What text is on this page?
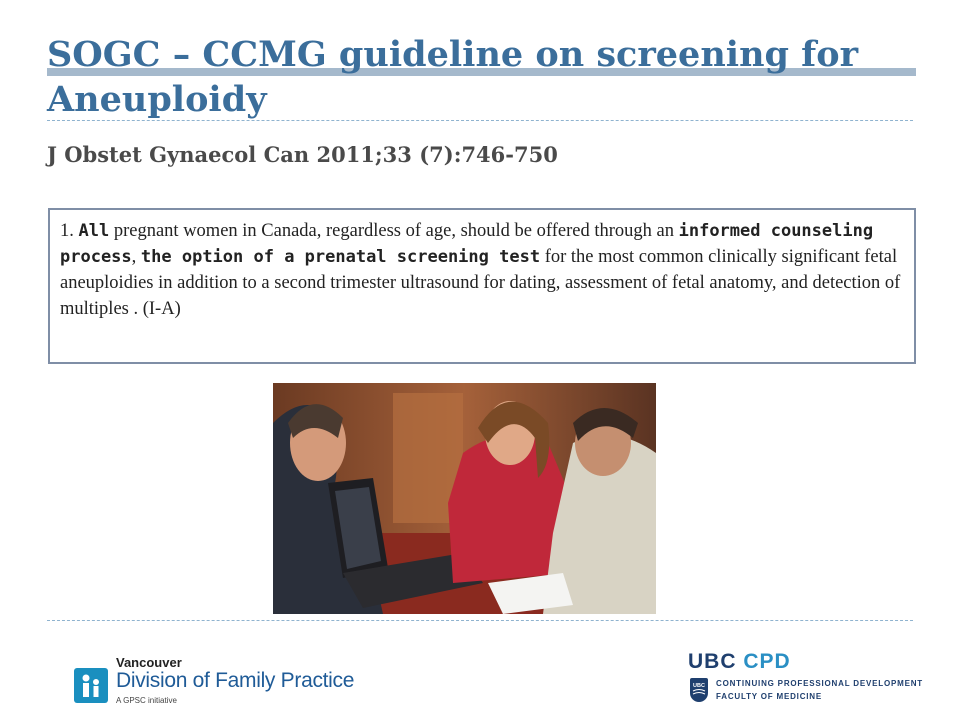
SOGC – CCMG guideline on screening for Aneuploidy

J Obstet Gynaecol Can 2011;33 (7):746-750

1. All pregnant women in Canada, regardless of age, should be offered through an informed counseling process, the option of a prenatal screening test for the most common clinically significant fetal aneuploidies in addition to a second trimester ultrasound for dating, assessment of fetal anatomy, and detection of multiples . (I-A)
Vancouver
Division of Family Practice
A GPSC initiative
UBC CPD
UBC CONTINUING PROFESSIONAL DEVELOPMENT
FACULTY OF MEDICINE
